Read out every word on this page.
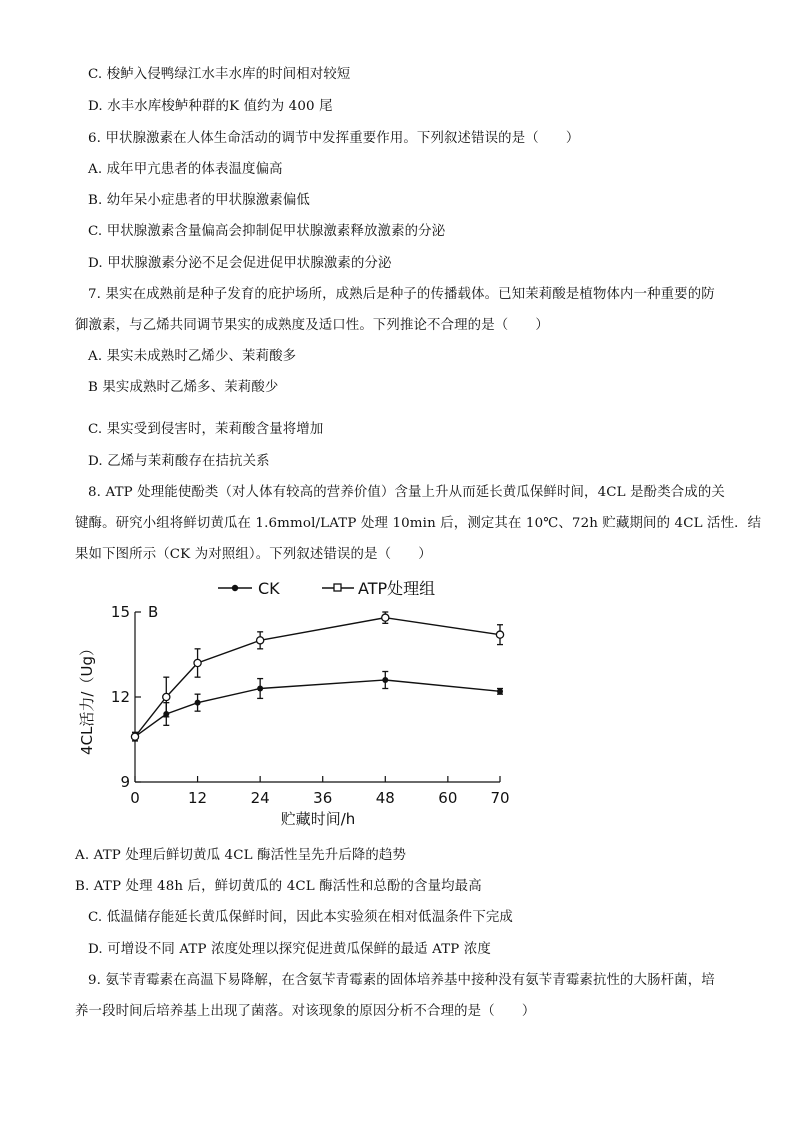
C. 梭鲈入侵鸭绿江水丰水库的时间相对较短
D. 水丰水库梭鲈种群的K 值约为 400 尾
6. 甲状腺激素在人体生命活动的调节中发挥重要作用。下列叙述错误的是（　　）
A. 成年甲亢患者的体表温度偏高
B. 幼年呆小症患者的甲状腺激素偏低
C. 甲状腺激素含量偏高会抑制促甲状腺激素释放激素的分泌
D. 甲状腺激素分泌不足会促进促甲状腺激素的分泌
7. 果实在成熟前是种子发育的庇护场所，成熟后是种子的传播载体。已知茉莉酸是植物体内一种重要的防
御激素，与乙烯共同调节果实的成熟度及适口性。下列推论不合理的是（　　）
A. 果实未成熟时乙烯少、茉莉酸多
B 果实成熟时乙烯多、茉莉酸少
C. 果实受到侵害时，茉莉酸含量将增加
D. 乙烯与茉莉酸存在拮抗关系
8. ATP 处理能使酚类（对人体有较高的营养价值）含量上升从而延长黄瓜保鲜时间，4CL 是酚类合成的关
键酶。研究小组将鲜切黄瓜在 1.6mmol/LATP 处理 10min 后，测定其在 10℃、72h 贮藏期间的 4CL 活性．结
果如下图所示（CK 为对照组）。下列叙述错误的是（　　）
A. ATP 处理后鲜切黄瓜 4CL 酶活性呈先升后降的趋势
B. ATP 处理 48h 后，鲜切黄瓜的 4CL 酶活性和总酚的含量均最高
C. 低温储存能延长黄瓜保鲜时间，因此本实验须在相对低温条件下完成
D. 可增设不同 ATP 浓度处理以探究促进黄瓜保鲜的最适 ATP 浓度
9. 氨苄青霉素在高温下易降解，在含氨苄青霉素的固体培养基中接种没有氨苄青霉素抗性的大肠杆菌，培
养一段时间后培养基上出现了菌落。对该现象的原因分析不合理的是（　　）
CK	ATP处理组
B
0	12	24	36	48	60 70
9
12
15
贮藏时间/h
4CL活力/（Ug）
